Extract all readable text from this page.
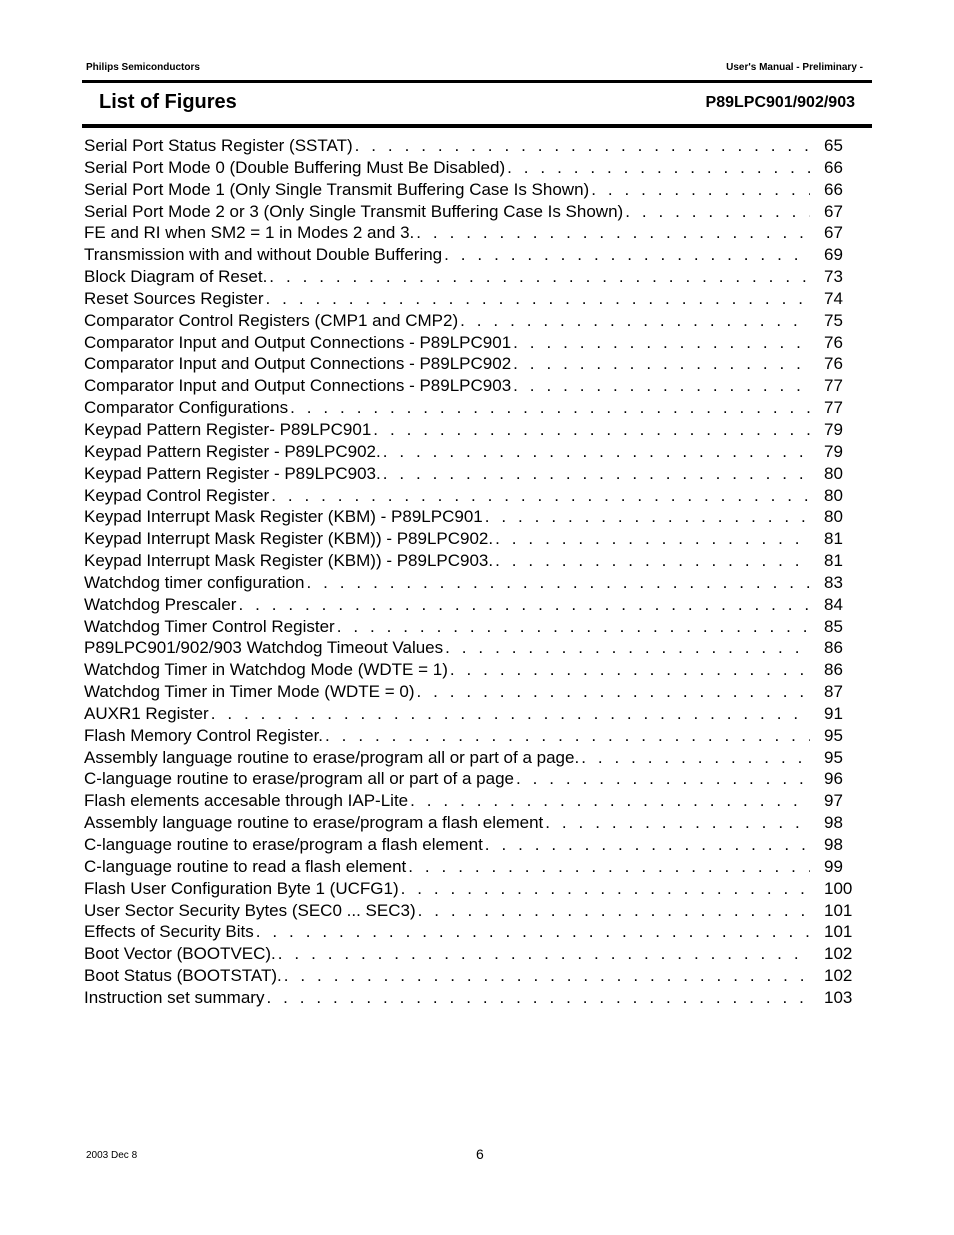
Philips Semiconductors	User's Manual - Preliminary -
List of Figures	P89LPC901/902/903
Serial Port Status Register (SSTAT) . . .	65
Serial Port Mode 0 (Double Buffering Must Be Disabled) . . .	66
Serial Port Mode 1 (Only Single Transmit Buffering Case Is Shown) . . .	66
Serial Port Mode 2 or 3 (Only Single Transmit Buffering Case Is Shown) . . .	67
FE and RI when SM2 = 1 in Modes 2 and 3. . . .	67
Transmission with and without Double Buffering . . .	69
Block Diagram of Reset. . . .	73
Reset Sources Register . . .	74
Comparator Control Registers (CMP1 and CMP2) . . .	75
Comparator Input and Output Connections - P89LPC901 . . .	76
Comparator Input and Output Connections - P89LPC902 . . .	76
Comparator Input and Output Connections - P89LPC903 . . .	77
Comparator Configurations . . .	77
Keypad Pattern Register- P89LPC901 . . .	79
Keypad Pattern Register - P89LPC902. . . .	79
Keypad Pattern Register - P89LPC903. . . .	80
Keypad Control Register . . .	80
Keypad Interrupt Mask Register (KBM) - P89LPC901 . . .	80
Keypad Interrupt Mask Register (KBM)) - P89LPC902. . . .	81
Keypad Interrupt Mask Register (KBM)) - P89LPC903. . . .	81
Watchdog timer configuration . . .	83
Watchdog Prescaler . . .	84
Watchdog Timer Control Register . . .	85
P89LPC901/902/903 Watchdog Timeout Values . . .	86
Watchdog Timer in Watchdog Mode (WDTE = 1) . . .	86
Watchdog Timer in Timer Mode (WDTE = 0) . . .	87
AUXR1 Register . . .	91
Flash Memory Control Register. . . .	95
Assembly language routine to erase/program all or part of a page. . . .	95
C-language routine to erase/program all or part of a page . . .	96
Flash elements accesable through IAP-Lite . . .	97
Assembly language routine to erase/program a flash element . . .	98
C-language routine to erase/program a flash element . . .	98
C-language routine to read a flash element . . .	99
Flash User Configuration Byte 1 (UCFG1) . . .	100
User Sector Security Bytes (SEC0 ... SEC3) . . .	101
Effects of Security Bits . . .	101
Boot Vector (BOOTVEC). . . .	102
Boot Status (BOOTSTAT). . . .	102
Instruction set summary . . .	103
2003 Dec 8	6
